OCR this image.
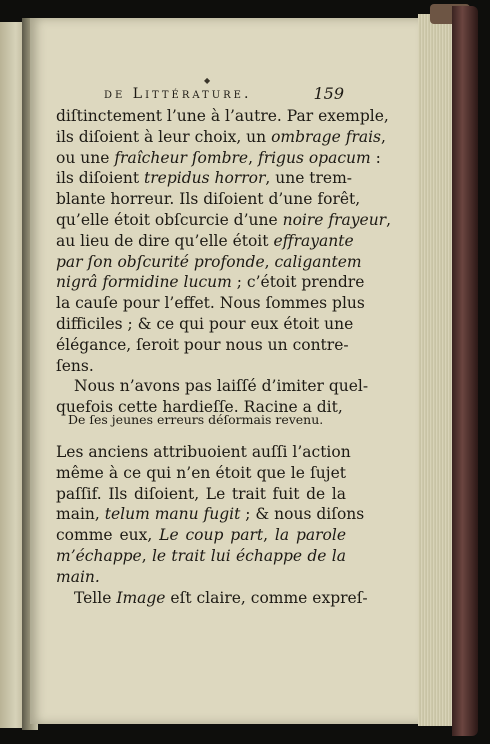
◆
de Littérature.	159
diſtinctement l’une à l’autre. Par exemple,
ils diſoient à leur choix, un ombrage frais,
ou une fraîcheur ſombre, frigus opacum :
ils diſoient trepidus horror, une trem-
blante horreur. Ils diſoient d’une forêt,
qu’elle étoit obſcurcie d’une noire frayeur,
au lieu de dire qu’elle étoit effrayante
par ſon obſcurité profonde, caligantem
nigrâ formidine lucum ; c’étoit prendre
la cauſe pour l’effet. Nous ſommes plus
difficiles ; & ce qui pour eux étoit une
élégance, ſeroit pour nous un contre-
ſens.
Nous n’avons pas laiſſé d’imiter quel-
quefois cette hardieſſe. Racine a dit,
De ſes jeunes erreurs déſormais revenu.
Les anciens attribuoient auſſi l’action
même à ce qui n’en étoit que le ſujet
paſſif. Ils diſoient, Le trait fuit de la
main, telum manu fugit ; & nous diſons
comme eux, Le coup part, la parole
m’échappe, le trait lui échappe de la
main.
Telle Image eſt claire, comme expreſ-
